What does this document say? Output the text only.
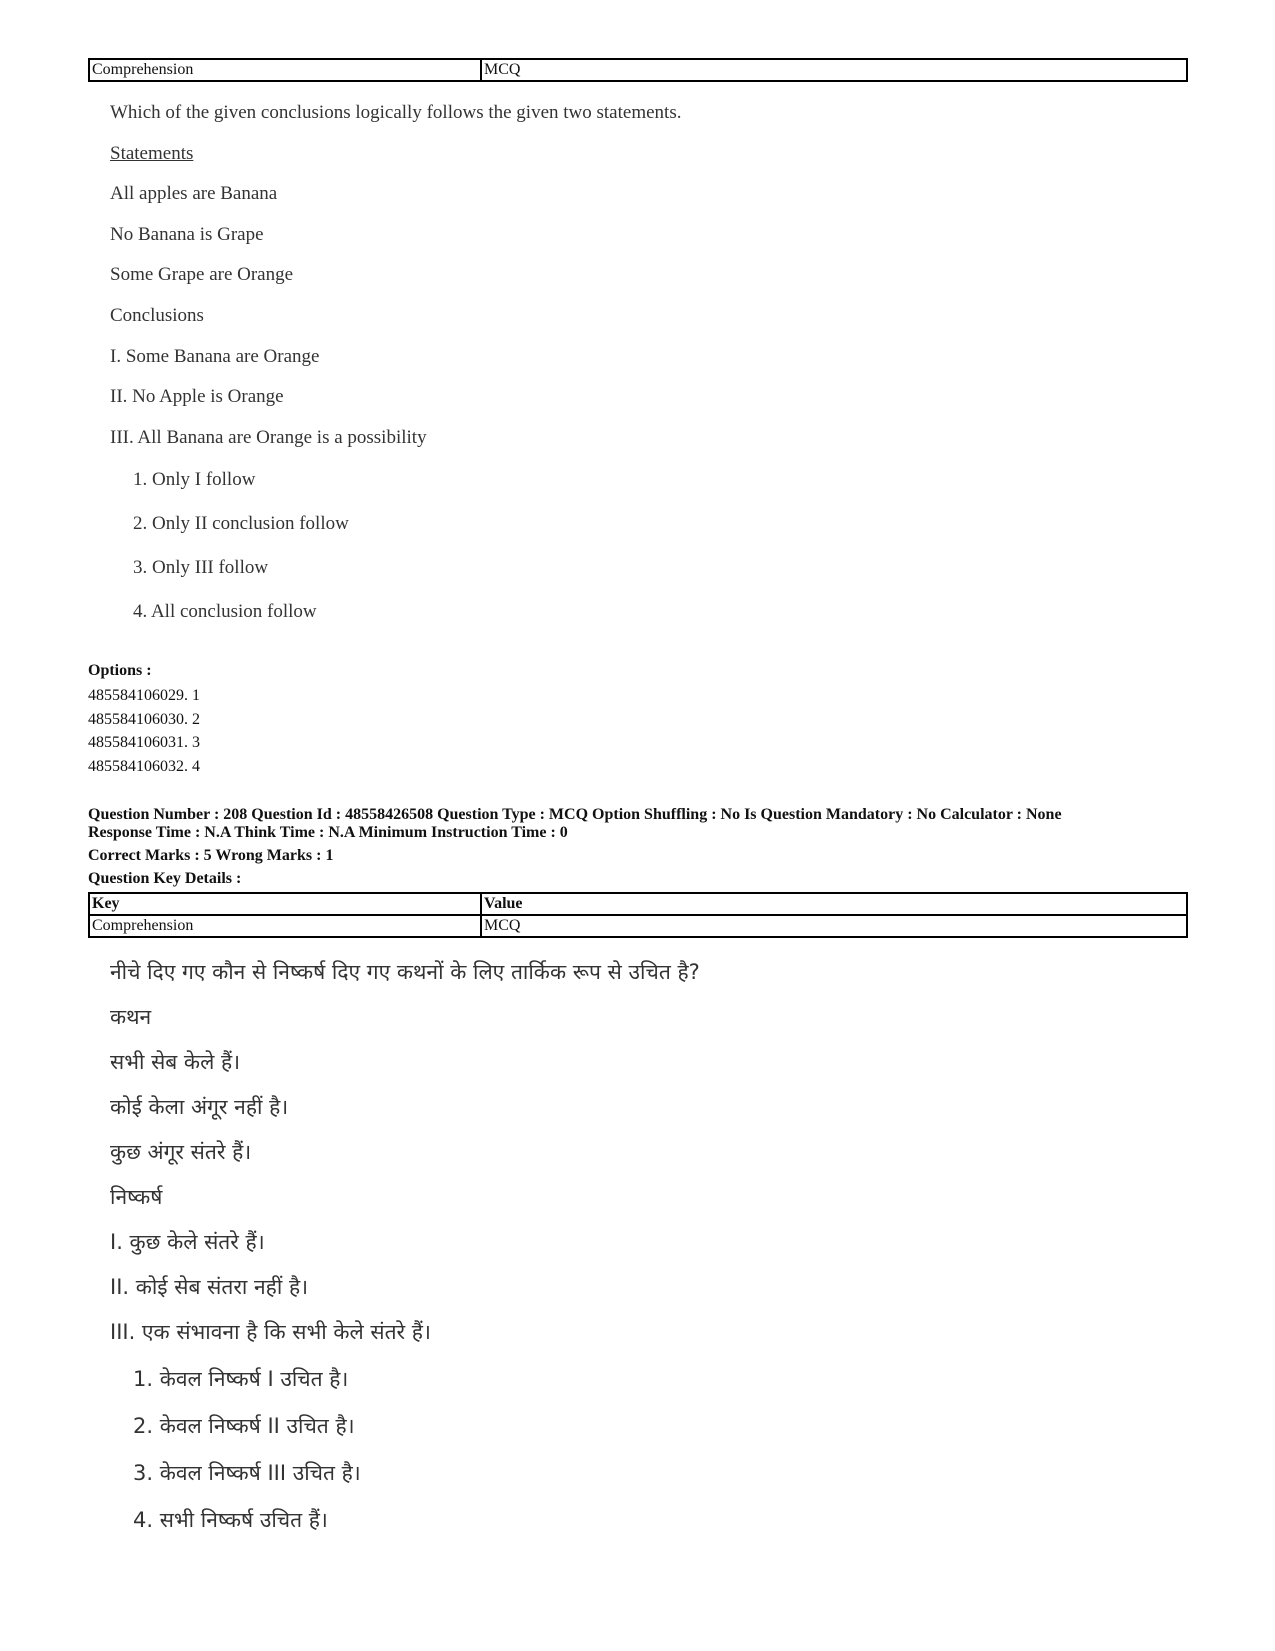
Comprehension	MCQ
Which of the given conclusions logically follows the given two statements.
Statements
All apples are Banana
No Banana is Grape
Some Grape are Orange
Conclusions
I. Some Banana are Orange
II. No Apple is Orange
III. All Banana are Orange is a possibility
1. Only I follow
2. Only II conclusion follow
3. Only III follow
4. All conclusion follow
Options :
485584106029. 1
485584106030. 2
485584106031. 3
485584106032. 4
Question Number : 208 Question Id : 48558426508 Question Type : MCQ Option Shuffling : No Is Question Mandatory : No Calculator : None
Response Time : N.A Think Time : N.A Minimum Instruction Time : 0
Correct Marks : 5 Wrong Marks : 1
Question Key Details :
Key	Value
Comprehension	MCQ
नीचे दिए गए कौन से निष्कर्ष दिए गए कथनों के लिए तार्किक रूप से उचित है?
कथन
सभी सेब केले हैं।
कोई केला अंगूर नहीं है।
कुछ अंगूर संतरे हैं।
निष्कर्ष
I. कुछ केले संतरे हैं।
II. कोई सेब संतरा नहीं है।
III. एक संभावना है कि सभी केले संतरे हैं।
1. केवल निष्कर्ष I उचित है।
2. केवल निष्कर्ष II उचित है।
3. केवल निष्कर्ष III उचित है।
4. सभी निष्कर्ष उचित हैं।
